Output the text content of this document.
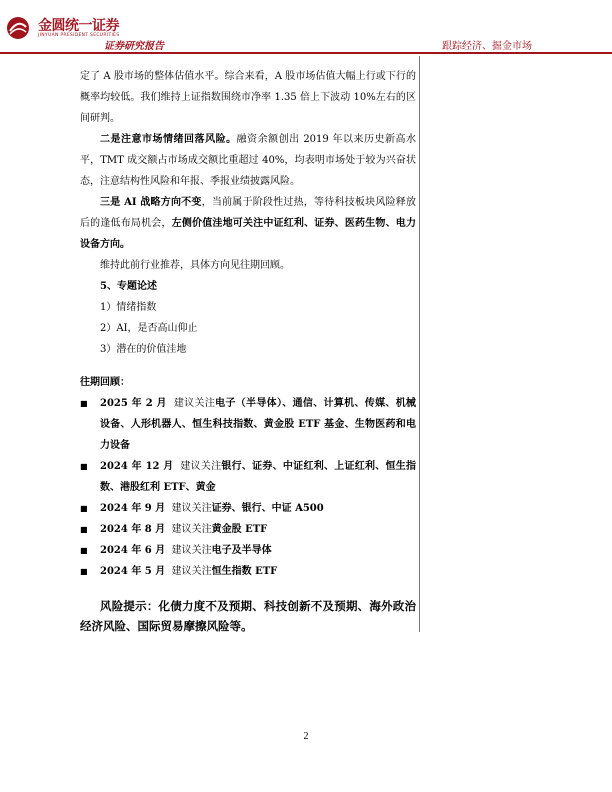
金圆统一证券
JINYUAN PRESIDENT SECURITIES
证券研究报告	跟踪经济、掘金市场

定了 A 股市场的整体估值水平。综合来看，A 股市场估值大幅上行或下行的概率均较低。我们维持上证指数围绕市净率 1.35 倍上下波动 10%左右的区间研判。

二是注意市场情绪回落风险。融资余额创出 2019 年以来历史新高水平，TMT 成交额占市场成交额比重超过 40%，均表明市场处于较为兴奋状态，注意结构性风险和年报、季报业绩披露风险。

三是 AI 战略方向不变，当前属于阶段性过热，等待科技板块风险释放后的逢低布局机会，左侧价值洼地可关注中证红利、证券、医药生物、电力设备方向。

维持此前行业推荐，具体方向见往期回顾。

5、专题论述

1）情绪指数

2）AI，是否高山仰止

3）潜在的价值洼地

往期回顾：

■	2025 年 2 月 建议关注电子（半导体）、通信、计算机、传媒、机械设备、人形机器人、恒生科技指数、黄金股 ETF 基金、生物医药和电力设备
■	2024 年 12 月 建议关注银行、证券、中证红利、上证红利、恒生指数、港股红利 ETF、黄金
■	2024 年 9 月 建议关注证券、银行、中证 A500
■	2024 年 8 月 建议关注黄金股 ETF
■	2024 年 6 月 建议关注电子及半导体
■	2024 年 5 月 建议关注恒生指数 ETF

风险提示：化债力度不及预期、科技创新不及预期、海外政治经济风险、国际贸易摩擦风险等。

2
